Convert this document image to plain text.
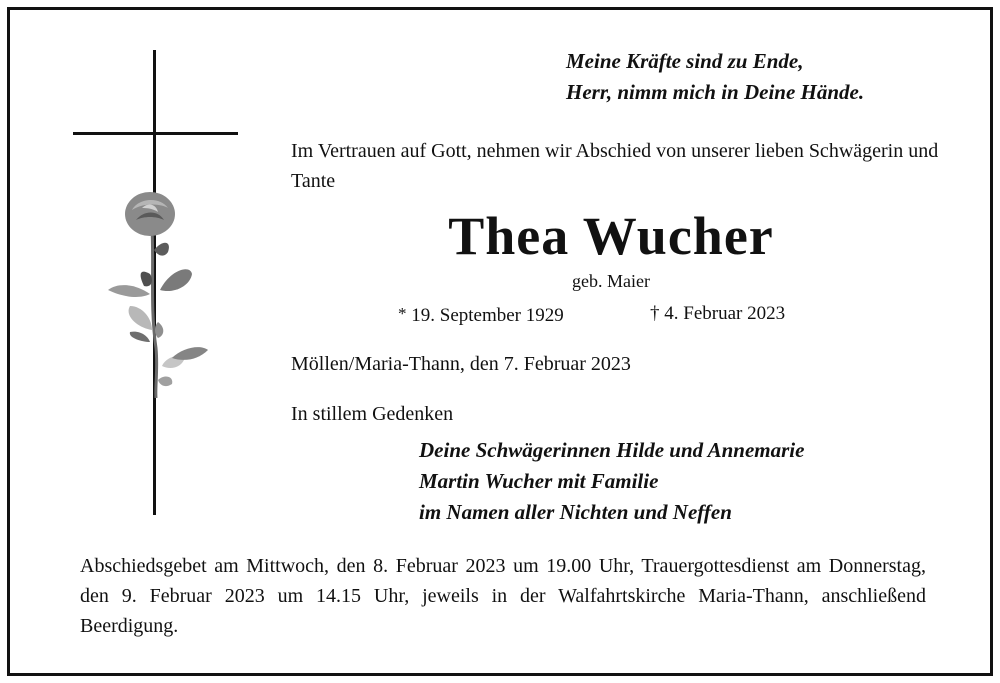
Meine Kräfte sind zu Ende,
Herr, nimm mich in Deine Hände.
Im Vertrauen auf Gott, nehmen wir Abschied von unserer lieben Schwägerin und Tante
Thea Wucher
geb. Maier
* 19. September 1929	† 4. Februar 2023
Möllen/Maria-Thann, den 7. Februar 2023
In stillem Gedenken
Deine Schwägerinnen Hilde und Annemarie
Martin Wucher mit Familie
im Namen aller Nichten und Neffen
Abschiedsgebet am Mittwoch, den 8. Februar 2023 um 19.00 Uhr, Trauergottesdienst am Donnerstag, den 9. Februar 2023 um 14.15 Uhr, jeweils in der Walfahrtskirche Maria-Thann, anschließend Beerdigung.
